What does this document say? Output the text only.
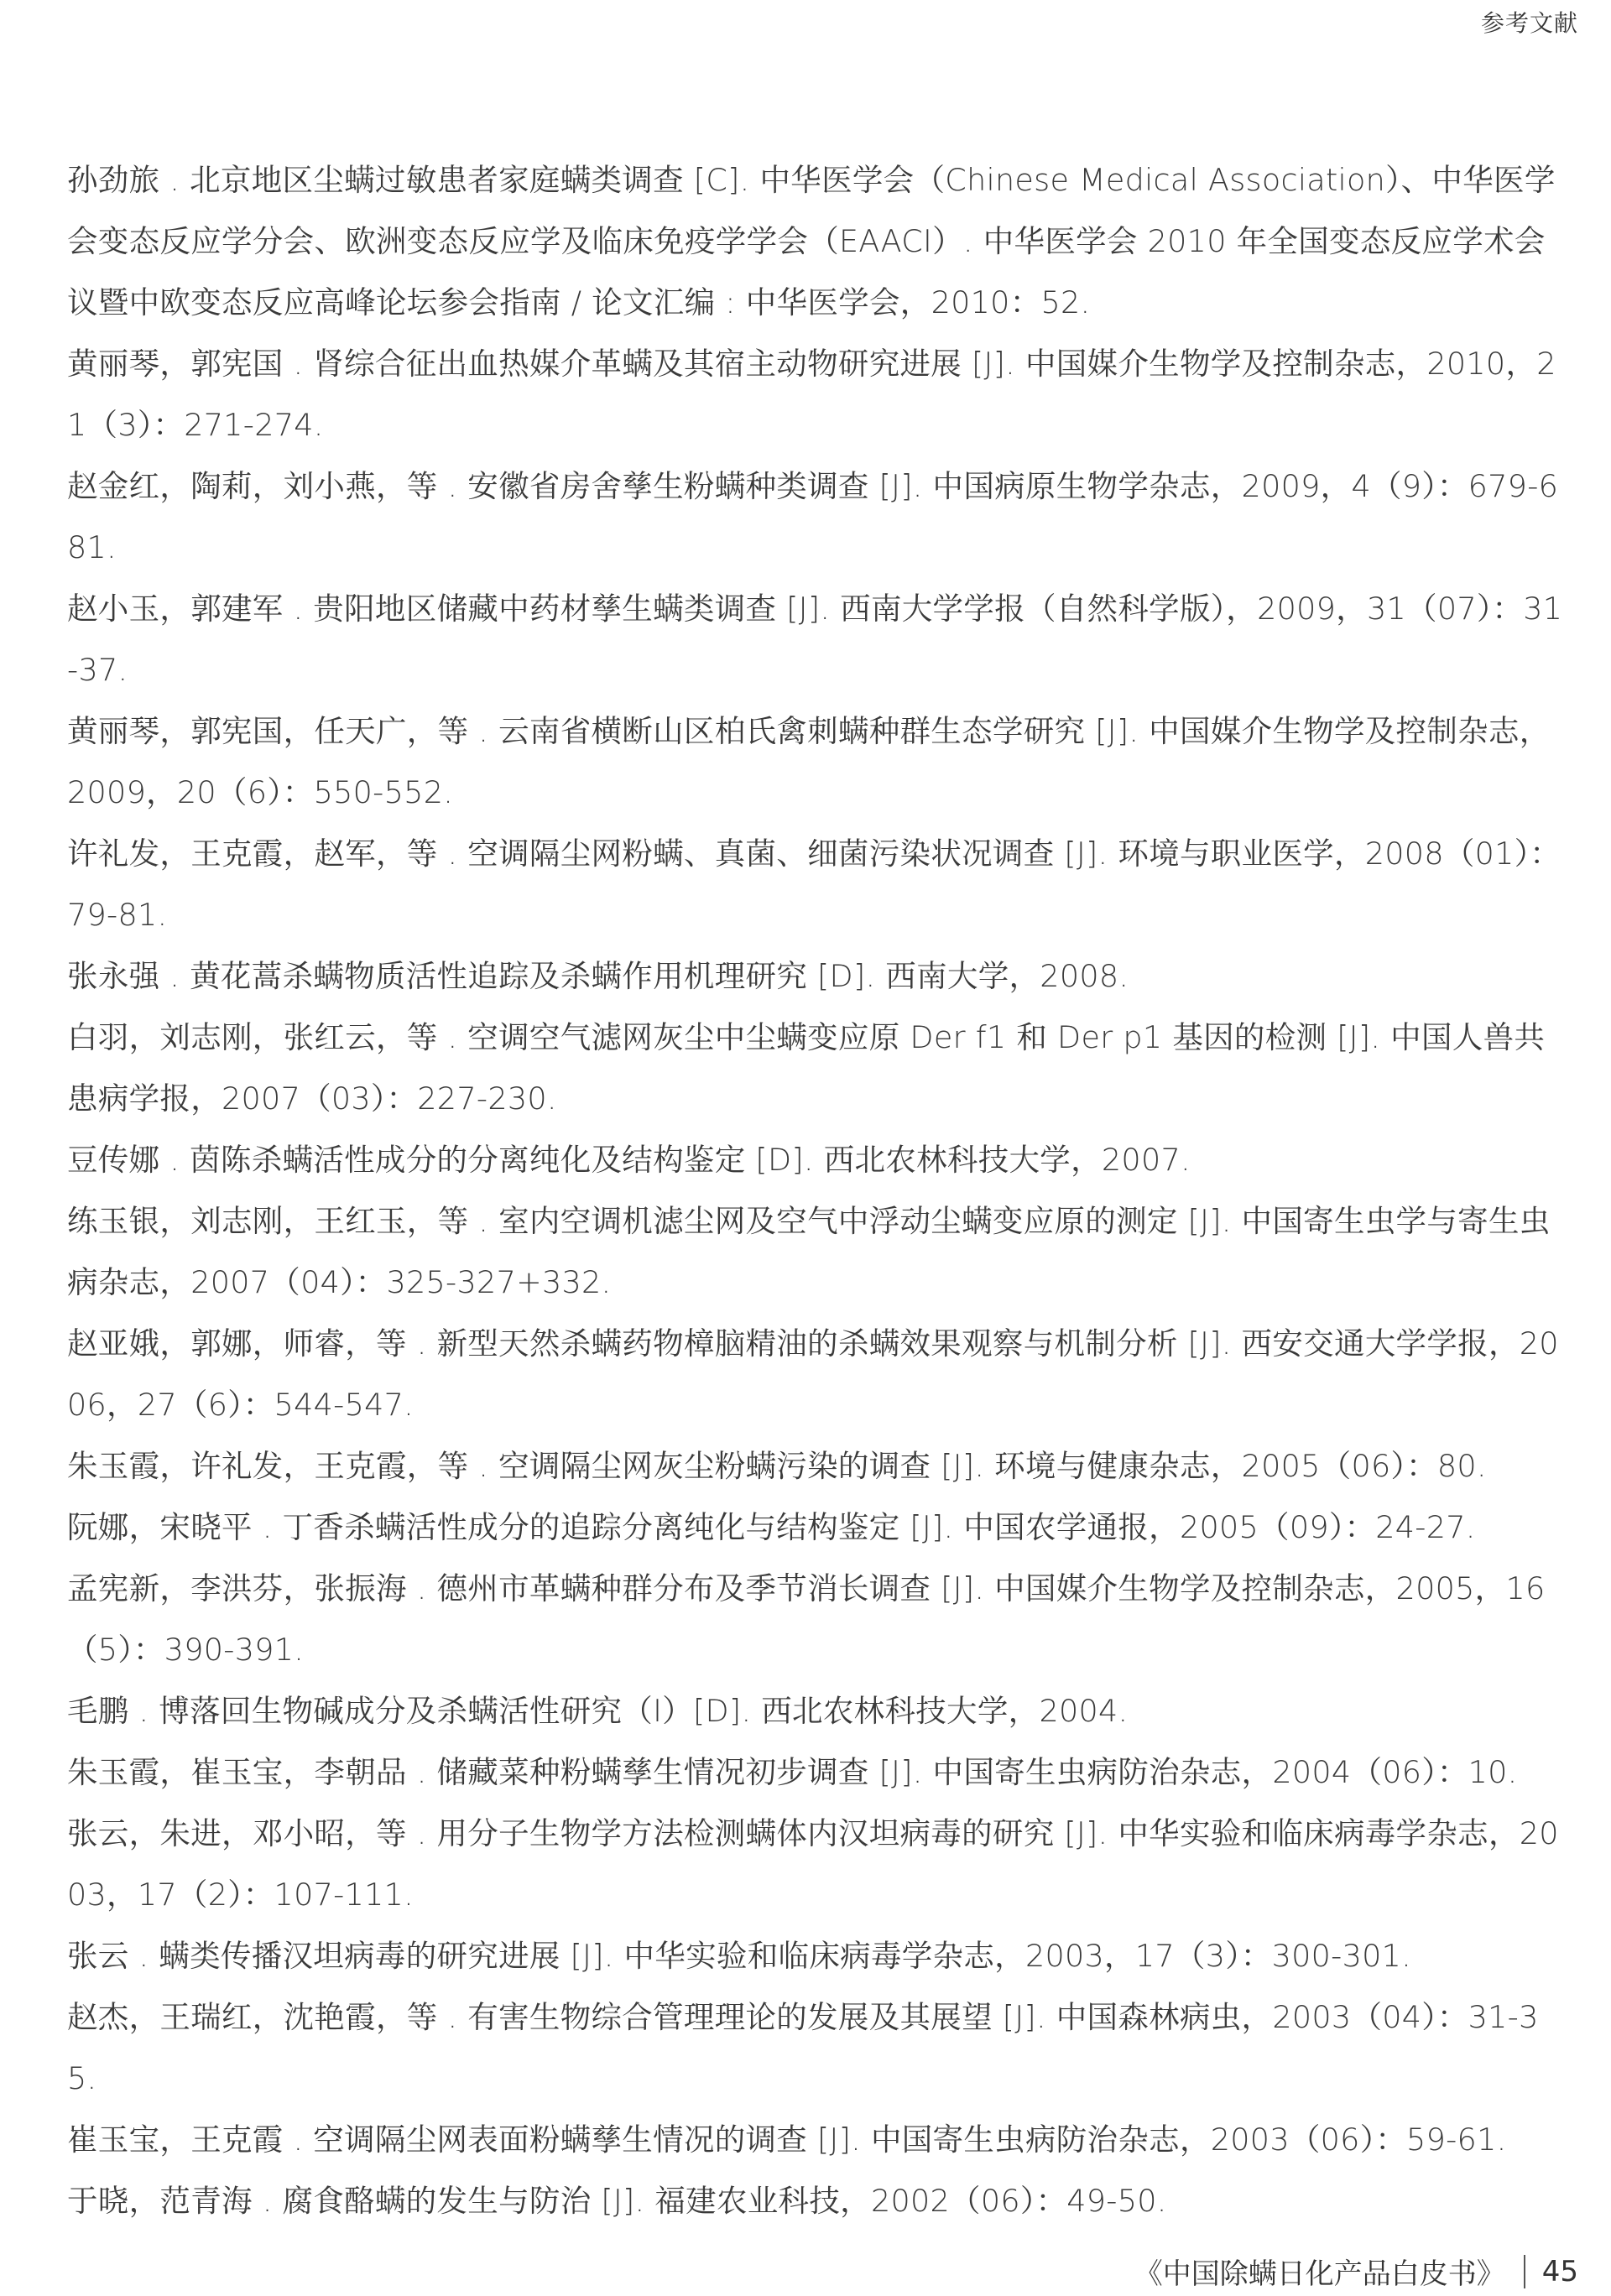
参考文献

孙劲旅 . 北京地区尘螨过敏患者家庭螨类调查 [C]. 中华医学会（Chinese Medical Association）、中华医学会变态反应学分会、欧洲变态反应学及临床免疫学学会（EAACI）. 中华医学会 2010 年全国变态反应学术会议暨中欧变态反应高峰论坛参会指南 / 论文汇编 : 中华医学会，2010：52.

黄丽琴，郭宪国 . 肾综合征出血热媒介革螨及其宿主动物研究进展 [J]. 中国媒介生物学及控制杂志，2010，21（3）：271-274.

赵金红，陶莉，刘小燕，等 . 安徽省房舍孳生粉螨种类调查 [J]. 中国病原生物学杂志，2009，4（9）：679-681.

赵小玉，郭建军 . 贵阳地区储藏中药材孳生螨类调查 [J]. 西南大学学报（自然科学版），2009，31（07）：31-37.

黄丽琴，郭宪国，任天广，等 . 云南省横断山区柏氏禽刺螨种群生态学研究 [J]. 中国媒介生物学及控制杂志，2009，20（6）：550-552.

许礼发，王克霞，赵军，等 . 空调隔尘网粉螨、真菌、细菌污染状况调查 [J]. 环境与职业医学，2008（01）：79-81.

张永强 . 黄花蒿杀螨物质活性追踪及杀螨作用机理研究 [D]. 西南大学，2008.

白羽，刘志刚，张红云，等 . 空调空气滤网灰尘中尘螨变应原 Der f1 和 Der p1 基因的检测 [J]. 中国人兽共患病学报，2007（03）：227-230.

豆传娜 . 茵陈杀螨活性成分的分离纯化及结构鉴定 [D]. 西北农林科技大学，2007.

练玉银，刘志刚，王红玉，等 . 室内空调机滤尘网及空气中浮动尘螨变应原的测定 [J]. 中国寄生虫学与寄生虫病杂志，2007（04）：325-327+332.

赵亚娥，郭娜，师睿，等 . 新型天然杀螨药物樟脑精油的杀螨效果观察与机制分析 [J]. 西安交通大学学报，2006，27（6）：544-547.

朱玉霞，许礼发，王克霞，等 . 空调隔尘网灰尘粉螨污染的调查 [J]. 环境与健康杂志，2005（06）：80.

阮娜，宋晓平 . 丁香杀螨活性成分的追踪分离纯化与结构鉴定 [J]. 中国农学通报，2005（09）：24-27.

孟宪新，李洪芬，张振海 . 德州市革螨种群分布及季节消长调查 [J]. 中国媒介生物学及控制杂志，2005，16（5）：390-391.

毛鹏 . 博落回生物碱成分及杀螨活性研究（Ⅰ）[D]. 西北农林科技大学，2004.

朱玉霞，崔玉宝，李朝品 . 储藏菜种粉螨孳生情况初步调查 [J]. 中国寄生虫病防治杂志，2004（06）：10.

张云，朱进，邓小昭，等 . 用分子生物学方法检测螨体内汉坦病毒的研究 [J]. 中华实验和临床病毒学杂志，2003，17（2）：107-111.

张云 . 螨类传播汉坦病毒的研究进展 [J]. 中华实验和临床病毒学杂志，2003，17（3）：300-301.

赵杰，王瑞红，沈艳霞，等 . 有害生物综合管理理论的发展及其展望 [J]. 中国森林病虫，2003（04）：31-35.

崔玉宝，王克霞 . 空调隔尘网表面粉螨孳生情况的调查 [J]. 中国寄生虫病防治杂志，2003（06）：59-61.

于晓，范青海 . 腐食酪螨的发生与防治 [J]. 福建农业科技，2002（06）：49-50.

《中国除螨日化产品白皮书》 45
